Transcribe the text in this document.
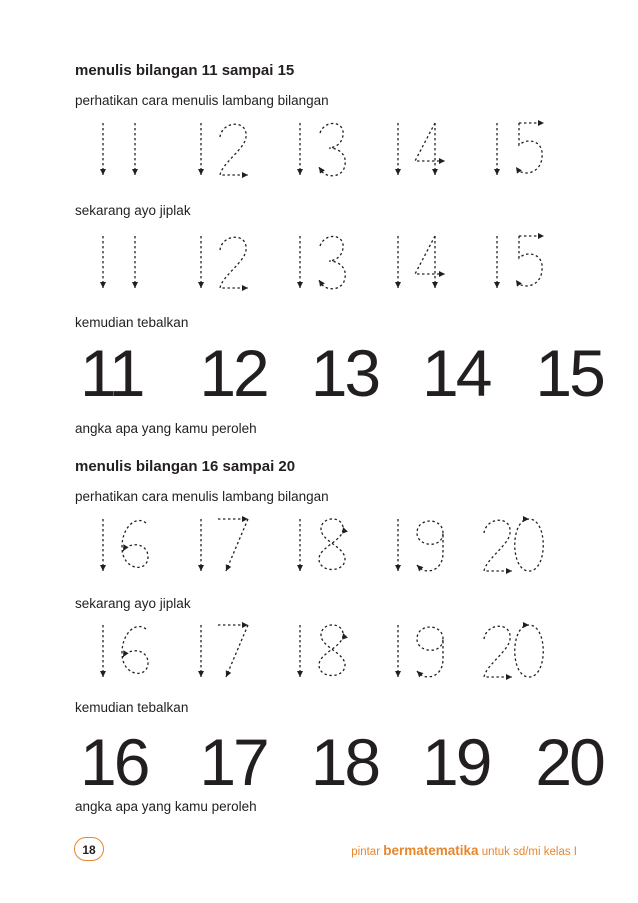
menulis bilangan 11 sampai 15
perhatikan cara menulis lambang bilangan
sekarang ayo jiplak
kemudian tebalkan
11 12 13 14 15
angka apa yang kamu peroleh
menulis bilangan 16 sampai 20
perhatikan cara menulis lambang bilangan
sekarang ayo jiplak
kemudian tebalkan
16 17 18 19 20
angka apa yang kamu peroleh
18	pintar bermatematika untuk sd/mi kelas I
